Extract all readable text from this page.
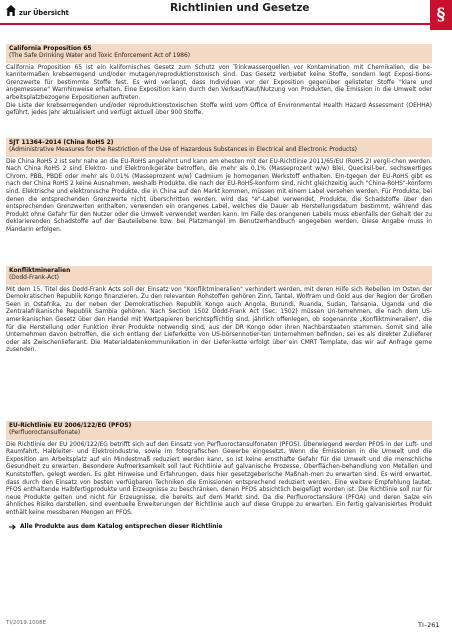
zur Übersicht	Richtlinien und Gesetze	§
California Proposition 65
(The Safe Drinking Water and Toxic Enforcement Act of 1986)

California Proposition 65 ist ein kalifornisches Gesetz zum Schutz von Trinkwasserquellen vor Kontamination mit Chemikalien, die be-kanntermaßen krebserregend und/oder mutagen/reproduktionstoxisch sind. Das Gesetz verbietet keine Stoffe, sondern legt Exposi-tions-Grenzwerte für bestimmte Stoffe fest. Es wird verlangt, dass Individuen vor der Exposition gegenüber gelisteter Stoffe "klare und angemessene" Warnhinweise erhalten. Eine Exposition kann durch den Verkauf/Kauf/Nutzung von Produkten, die Emission in die Umwelt oder arbeitsplatzbezogene Expositionen auftreten.

Die Liste der krebserregenden und/oder reproduktionstoxischen Stoffe wird vom Office of Environmental Health Hazard Assessment (OEHHA) geführt, jedes Jahr aktualisiert und verfügt aktuell über 900 Stoffe.

SJT 11364–2014 (China RoHS 2)
(Administrative Measures for the Restriction of the Use of Hazardous Substances in Electrical and Electronic Products)

Die China RoHS 2 ist sehr nahe an die EU-RoHS angelehnt und kann am ehesten mit der EU-Richtlinie 2011/65/EU (RoHS 2) vergli-chen werden. Nach China RoHS 2 sind Elektro- und Elektronikgeräte betroffen, die mehr als 0,1% (Masseprozent w/w) Blei, Quecksil-ber, sechswertiges Chrom, PBB, PBDE oder mehr als 0,01% (Masseprozent w/w) Cadmium je homogenen Werkstoff enthalten. Ein-tgegen der EU-RoHS gibt es nach der China RoHS 2 keine Ausnahmen, weshalb Produkte, die nach der EU-RoHS-konform sind, nicht gleichzeitig auch "China-RoHS"-konform sind. Elektrische und elektronische Produkte, die in China auf den Markt kommen, müssen mit einem Label versehen werden. Für Produkte, bei denen die entsprechenden Grenzwerte nicht überschritten werden, wird das "e"-Label verwendet. Produkte, die Schadstoffe über den entsprechenden Grenzwerten enthalten, verwenden ein orangenes Label, welches die Dauer ab Herstellungsdatum bestimmt, während das Produkt ohne Gefahr für den Nutzer oder die Umwelt verwendet werden kann. Im Falle des orangenen Labels muss ebenfalls der Gehalt der zu deklarierenden Schadstoffe auf der Bauteilebene bzw. bei Platzmangel im Benutzerhandbuch angegeben werden. Diese Angabe muss in Mandarin erfolgen.

Konfliktmineralien
(Dodd-Frank-Act)

Mit dem 15. Titel des Dodd-Frank Acts soll der Einsatz von "Konfliktmineralien" verhindert werden, mit deren Hilfe sich Rebellen im Osten der Demokratischen Republik Kongo finanzieren. Zu den relevanten Rohstoffen gehören Zinn, Tantal, Wolfram und Gold aus der Region der Großen Seen in Ostafrika, zu der neben der Demokratischen Republik Kongo auch Angola, Burundi, Ruanda, Sudan, Tansania, Uganda und die Zentralafrikanische Republik Sambia gehören. Nach Section 1502 Dodd-Frank Act (Sec. 1502) müssen Un-ternehmen, die nach dem US-amerikanischen Gesetz über den Handel mit Wertpapieren berichtspflichtig sind, jährlich offenlegen, ob sogenannte „Konfliktmineralien", die für die Herstellung oder Funktion ihrer Produkte notwendig sind, aus der DR Kongo oder ihren Nachbarstaaten stammen. Somit sind alle Unternehmen davon betroffen, die sich entlang der Lieferkette von US-börsennotier-ten Unternehmen befinden, sei es als direkter Zulieferer oder als Zwischenlieferant. Die Materialdatenkommunikation in der Liefer-kette erfolgt über ein CMRT Template, das wir auf Anfrage gerne zusenden.

EU-Richtlinie EU 2006/122/EG (PFOS)
(Perfluoroctansulfonate)

Die Richtlinie der EU 2006/122/EG betrifft sich auf den Einsatz von Perfluoroctansulfonaten (PFOS). Überwiegend werden PFOS in der Luft- und Raumfahrt, Halbleiter- und Elektroindustrie, sowie im fotografischen Gewerbe eingesetzt. Wenn die Emissionen in die Umwelt und die Exposition am Arbeitsplatz auf ein Mindestmaß reduziert werden kann, so ist keine ernsthafte Gefahr für die Umwelt und die menschliche Gesundheit zu erwarten. Besondere Aufmerksamkeit soll laut Richtlinie auf galvanische Prozesse, Oberflächen-behandlung von Metallen und Kunststoffen, gelegt werden. Es gibt Hinweise und Erfahrungen, dass hier gesetzgeberische Maßnah-men zu erwarten sind. Es wird erwartet, dass durch den Einsatz von besten verfügbaren Techniken die Emissionen entsprechend reduziert werden. Eine weitere Empfehlung lautet, PFOS enthaltende Halbfertigprodukte und Erzeugnisse zu beschränken, denen PFOS absichtlich beigefügt worden ist. Die Richtlinie soll nur für neue Produkte gelten und nicht für Erzeugnisse, die bereits auf dem Markt sind. Da die Perfluoroctansäure (PFOA) und deren Salze ein ähnliches Risiko darstellen, sind eventuelle Erweiterungen der Richtlinie auch auf diese Gruppe zu erwarten. Ein fertig galvanisiertes Produkt enthält keine messbaren Mengen an PFOS.

Alle Produkte aus dem Katalog entsprechen dieser Richtlinie
TI/2019.1008E	TI–261
